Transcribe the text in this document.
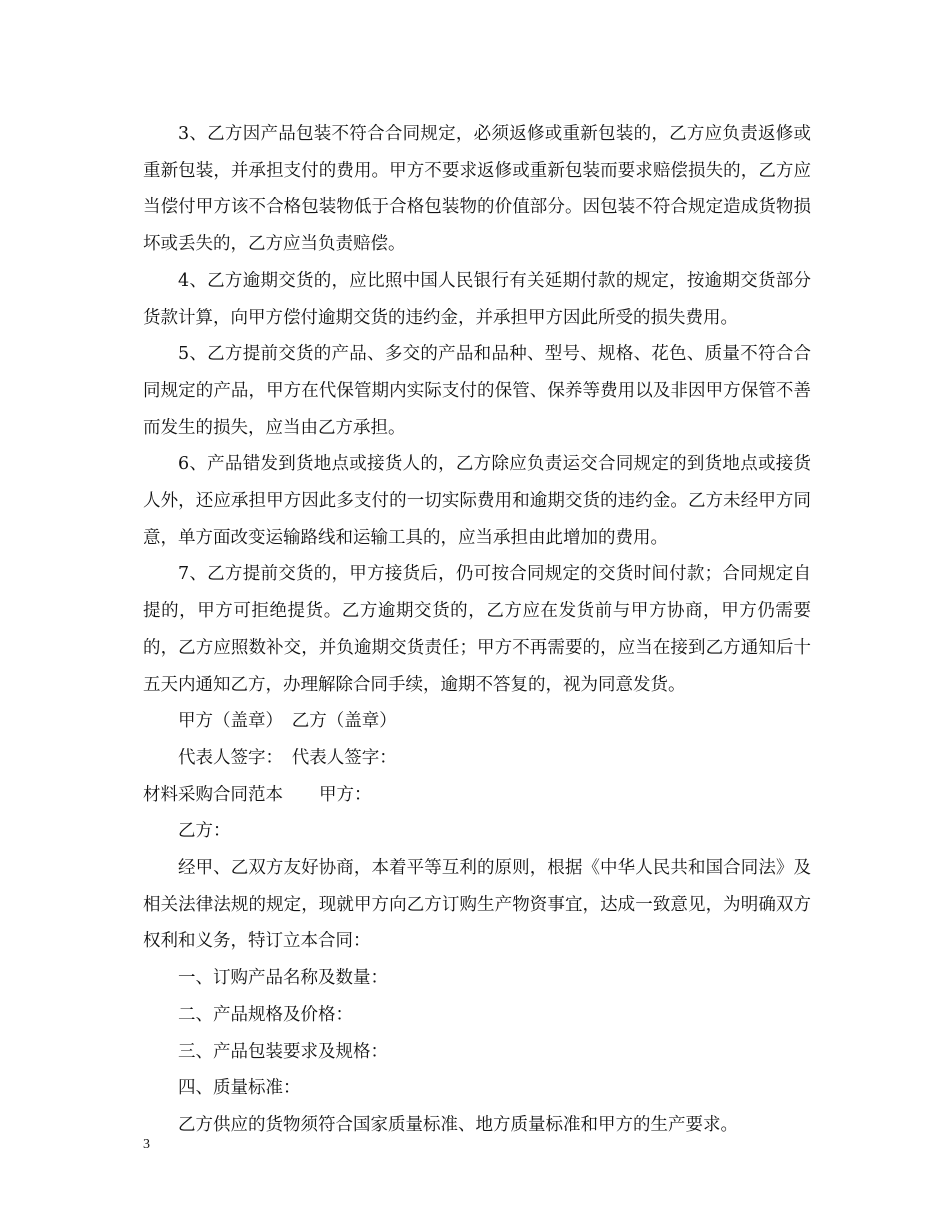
3、乙方因产品包装不符合合同规定，必须返修或重新包装的，乙方应负责返修或重新包装，并承担支付的费用。甲方不要求返修或重新包装而要求赔偿损失的，乙方应当偿付甲方该不合格包装物低于合格包装物的价值部分。因包装不符合规定造成货物损坏或丢失的，乙方应当负责赔偿。

4、乙方逾期交货的，应比照中国人民银行有关延期付款的规定，按逾期交货部分货款计算，向甲方偿付逾期交货的违约金，并承担甲方因此所受的损失费用。

5、乙方提前交货的产品、多交的产品和品种、型号、规格、花色、质量不符合合同规定的产品，甲方在代保管期内实际支付的保管、保养等费用以及非因甲方保管不善而发生的损失，应当由乙方承担。

6、产品错发到货地点或接货人的，乙方除应负责运交合同规定的到货地点或接货人外，还应承担甲方因此多支付的一切实际费用和逾期交货的违约金。乙方未经甲方同意，单方面改变运输路线和运输工具的，应当承担由此增加的费用。

7、乙方提前交货的，甲方接货后，仍可按合同规定的交货时间付款；合同规定自提的，甲方可拒绝提货。乙方逾期交货的，乙方应在发货前与甲方协商，甲方仍需要的，乙方应照数补交，并负逾期交货责任；甲方不再需要的，应当在接到乙方通知后十五天内通知乙方，办理解除合同手续，逾期不答复的，视为同意发货。

甲方（盖章）　乙方（盖章）

代表人签字：　代表人签字：

材料采购合同范本 甲方：

乙方：

经甲、乙双方友好协商，本着平等互利的原则，根据《中华人民共和国合同法》及相关法律法规的规定，现就甲方向乙方订购生产物资事宜，达成一致意见，为明确双方权利和义务，特订立本合同：

一、订购产品名称及数量：

二、产品规格及价格：

三、产品包装要求及规格：

四、质量标准：

乙方供应的货物须符合国家质量标准、地方质量标准和甲方的生产要求。

3
